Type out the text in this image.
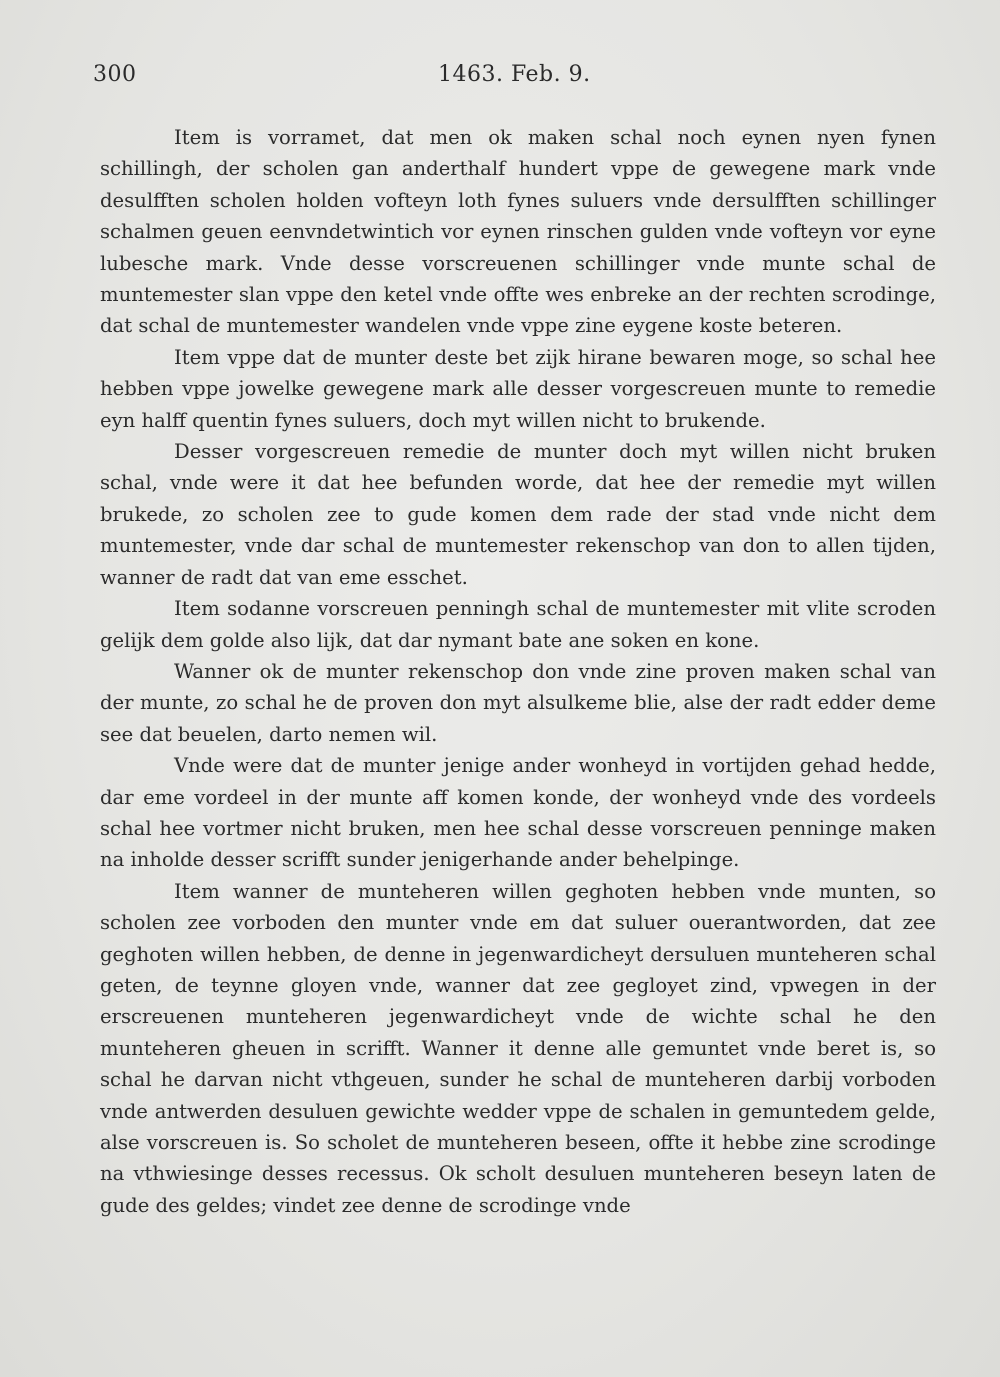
300	1463. Feb. 9.

Item is vorramet, dat men ok maken schal noch eynen nyen fynen schillingh, der scholen gan anderthalf hundert vppe de gewegene mark vnde desulfften scholen holden vofteyn loth fynes suluers vnde dersulfften schillinger schalmen geuen eenvndetwintich vor eynen rinschen gulden vnde vofteyn vor eyne lubesche mark. Vnde desse vorscreuenen schillinger vnde munte schal de muntemester slan vppe den ketel vnde offte wes enbreke an der rechten scrodinge, dat schal de muntemester wandelen vnde vppe zine eygene koste beteren.

Item vppe dat de munter deste bet zijk hirane bewaren moge, so schal hee hebben vppe jowelke gewegene mark alle desser vorgescreuen munte to remedie eyn halff quentin fynes suluers, doch myt willen nicht to brukende.

Desser vorgescreuen remedie de munter doch myt willen nicht bruken schal, vnde were it dat hee befunden worde, dat hee der remedie myt willen brukede, zo scholen zee to gude komen dem rade der stad vnde nicht dem muntemester, vnde dar schal de muntemester rekenschop van don to allen tijden, wanner de radt dat van eme esschet.

Item sodanne vorscreuen penningh schal de muntemester mit vlite scroden gelijk dem golde also lijk, dat dar nymant bate ane soken en kone.

Wanner ok de munter rekenschop don vnde zine proven maken schal van der munte, zo schal he de proven don myt alsulkeme blie, alse der radt edder deme see dat beuelen, darto nemen wil.

Vnde were dat de munter jenige ander wonheyd in vortijden gehad hedde, dar eme vordeel in der munte aff komen konde, der wonheyd vnde des vordeels schal hee vortmer nicht bruken, men hee schal desse vorscreuen penninge maken na inholde desser scrifft sunder jenigerhande ander behelpinge.

Item wanner de munteheren willen geghoten hebben vnde munten, so scholen zee vorboden den munter vnde em dat suluer ouerantworden, dat zee geghoten willen hebben, de denne in jegenwardicheyt dersuluen munteheren schal geten, de teynne gloyen vnde, wanner dat zee gegloyet zind, vpwegen in der erscreuenen munteheren jegenwardicheyt vnde de wichte schal he den munteheren gheuen in scrifft. Wanner it denne alle gemuntet vnde beret is, so schal he darvan nicht vthgeuen, sunder he schal de munteheren darbij vorboden vnde antwerden desuluen gewichte wedder vppe de schalen in gemuntedem gelde, alse vorscreuen is. So scholet de munteheren beseen, offte it hebbe zine scrodinge na vthwiesinge desses recessus. Ok scholt desuluen munteheren beseyn laten de gude des geldes; vindet zee denne de scrodinge vnde
